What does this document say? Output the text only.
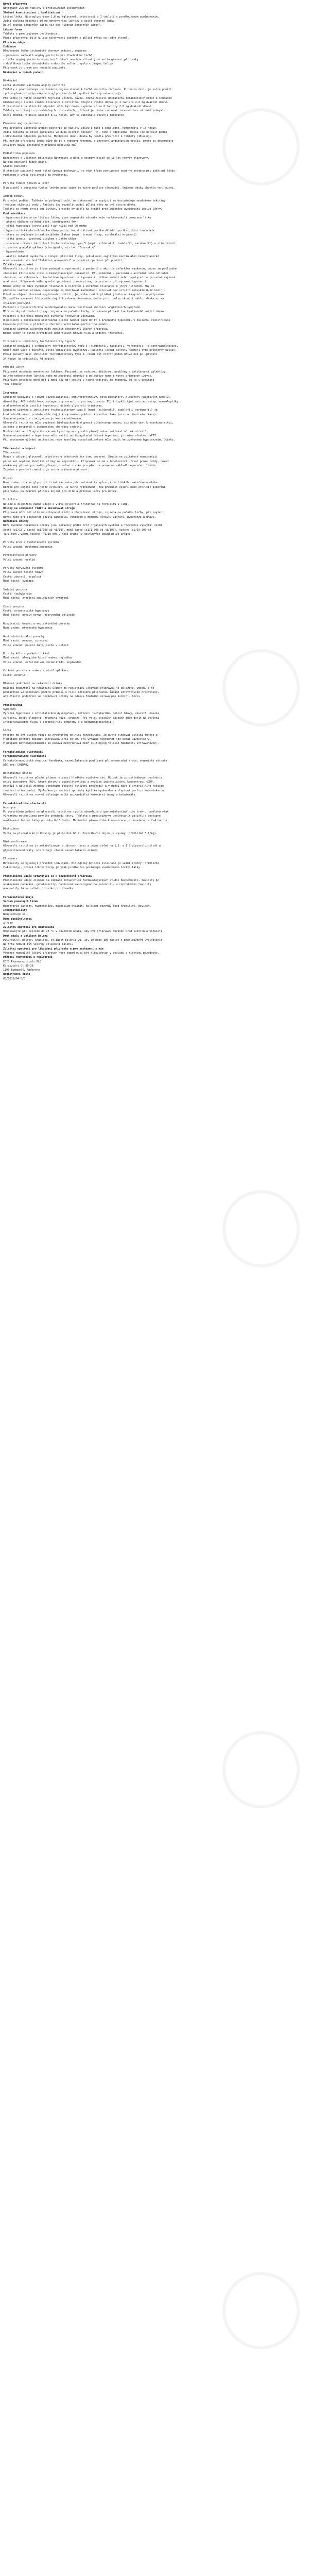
Návod přípravku
Nitromint 2,6 mg tablety s prodlouženým uvolňováním
Složení kvantitativní i kvalitativní
Léčivá látka: Nitroglycerinum 2,6 mg (glyceroli trinitras) v 1 tabletě s prodlouženým uvolňováním.
Jedna tableta obsahuje 80 mg monohydrátu laktózy a další pomocné látky.
Úplný seznam pomocných látek viz bod "Seznam pomocných látek".
Léková forma
Tablety s prodlouženým uvolňováním.
Popis přípravku: bílé kulaté bikonvexní tablety s půlicí rýhou na jedné straně.
Klinické údaje
Indikace
Dlouhodobá léčba ischemické choroby srdeční, zejména:
- prevence záchvatů anginy pectoris při dlouhodobé léčbě
- léčba anginy pectoris u pacientů, kteří nemohou užívat jiné antianginózní přípravky
- doplňková léčba chronického srdečního selhání spolu s jinými léčivy
Přípravek je určen pro dospělé pacienty.
Dávkování a způsob podání
Dávkování
Léčba akutního záchvatu anginy pectoris
Tablety s prodlouženým uvolňováním nejsou vhodné k léčbě akutního záchvatu. K tomuto účelu je nutné použít
rychle působící přípravky nitroglycerinu (sublinguální tablety nebo sprej).
Pro léčbu je nutné stanovit nejnižší účinnou dávku, která zajistí dostatečný terapeutický efekt a současně
minimalizuje riziko vzniku tolerance k nitrátům. Obvyklá úvodní dávka je 1 tableta 2,6 mg dvakrát denně.
V závislosti na klinické odpovědi může být dávka zvýšena až na 2 tablety 2,6 mg dvakrát denně.
Tablety se užívají v pravidelných intervalech, přičemž je třeba zachovat interval bez nitrátů (obvykle
noční období) v délce alespoň 8-12 hodin, aby se zabránilo rozvoji tolerance.
Prevence anginy pectoris
Pro prevenci záchvatů anginy pectoris se tablety užívají ráno a odpoledne, nejpozději v 16 hodin.
Jedna tableta se užívá zpravidla ve dvou dílčích dávkách, tj. ráno a odpoledne. Dávku lze upravit podle
individuální odpovědi pacienta. Maximální denní dávka by neměla překročit 4 tablety (10,4 mg).
Při náhlém přerušení léčby může dojít k rebound fenoménu a zhoršení anginózních obtíží, proto se doporučuje
snižovat dávku postupně v průběhu několika dnů.
Pediatrická populace
Bezpečnost a účinnost přípravku Nitromint u dětí a dospívajících do 18 let nebyly stanoveny.
Nejsou dostupné žádné údaje.
Starší pacienti
U starších pacientů není nutná úprava dávkování, je však třeba postupovat opatrně zejména při zahájení léčby
vzhledem k vyšší citlivosti na hypotenzi.
Porucha funkce ledvin a jater
U pacientů s poruchou funkce ledvin nebo jater je nutné pečlivé sledování. Snížení dávky obvykle není nutné.
Způsob podání
Perorální podání. Tablety se polykají celé, nerozkousané, a zapíjejí se dostatečným množstvím tekutiny
(nejlépe sklenicí vody). Tablety lze rozdělit podél půlicí rýhy na dvě stejné dávky.
Tablety se nesmí drtit ani žvýkat, protože by došlo ke ztrátě prodlouženého uvolňování léčivé látky.
Kontraindikace
- hypersenzitivita na léčivou látku, jiné organické nitráty nebo na kteroukoli pomocnou látku
- akutní oběhové selhání (šok, kardiogenní šok)
- těžká hypotenze (systolický tlak nižší než 90 mmHg)
- hypertrofická obstrukční kardiomyopatie, konstriktivní perikarditida, perikardiální tamponáda
- stavy se zvýšeným intrakraniálním tlakem (např. trauma hlavy, cerebrální krvácení)
- těžká anémie, uzavřený glaukom s úzkým úhlem
- současné užívání inhibitorů fosfodiesterázy typu 5 (např. sildenafil, tadalafil, vardenafil) a stimulátorů
rozpustné guanylátcyklázy (riocigvát), viz bod "Interakce"
- hypovolémie
- akutní infarkt myokardu s nízkými plnicími tlaky, pokud není zajištěno kontinuální hemodynamické
monitorování, viz bod "Zvláštní upozornění" a zvláštní opatření při použití
Zvláštní upozornění
Glyceroli trinitras je třeba podávat s opatrností u pacientů s akutním infarktem myokardu, pouze za pečlivého
sledování klinického stavu a hemodynamických parametrů. Při podávání u pacientů s aortální nebo mitrální
stenózou, se sklonem k ortostatické hypotenzi, s hypoxémií, těžkou anémií nebo hypotyreózou je nutná zvýšená
opatrnost. Přípravek může vyvolat paradoxní zhoršení anginy pectoris při výrazné hypotenzi.
Během léčby se může vyvinout tolerance k nitrátům a zkřížená tolerance k jiným nitrátům. Aby se
předešlo snížení účinku, doporučuje se dodržovat každodenní interval bez nitrátů (obvykle 8-12 hodin).
Pokud se objeví zhoršení anginózních obtíží, je třeba zvážit přidání jiného antianginózního přípravku.
Při náhlém vysazení léčby může dojít k rebound fenoménu. Léčbu proto nelze ukončit náhle, dávka se má
snižovat postupně.
Pacienti s hypertrofickou kardiomyopatií mohou pociťovat zhoršení anginózních symptomů.
Může se objevit bolest hlavy, zejména na počátku léčby; v takovém případě lze krátkodobě snížit dávku.
Pacienti s migrénou mohou mít zvýšenou frekvenci záchvatů.
U pacientů s chronickou obstrukční plicní nemocí může dojít k přechodné hypoxémii v důsledku redistribuce
krevního průtoku v plicích a zhoršení ventilačně-perfuzního poměru.
Současné užívání alkoholu může zesílit hypotenzní účinek přípravku.
Během léčby je nutné pravidelně kontrolovat krevní tlak a srdeční frekvenci.
Interakce s inhibitory fosfodiesterázy typu 5
Současné podávání s inhibitory fosfodiesterázy typu 5 (sildenafil, tadalafil, vardenafil) je kontraindikováno,
neboť může vést k závažné, život ohrožující hypotenzi. Pacienti léčení nitráty nesmějí tyto přípravky užívat.
Pokud pacient užil inhibitor fosfodiesterázy typu 5, nesmí být nitrát podán dříve než po uplynutí
24 hodin (u tadalafilu 48 hodin).
Pomocné látky
Přípravek obsahuje monohydrát laktózy. Pacienti se vzácnými dědičnými problémy s intolerancí galaktózy,
úplným nedostatkem laktázy nebo malabsorpcí glukózy a galaktózy nemají tento přípravek užívat.
Přípravek obsahuje méně než 1 mmol (23 mg) sodíku v jedné tabletě, to znamená, že je v podstatě
"bez sodíku".
Interakce
Současné podávání s jinými vazodilatancii, antihypertenzivy, beta-blokátory, blokátory kalciových kanálů,
diuretiky, ACE inhibitory, antagonisty receptoru pro angiotenzin II, tricyklickými antidepresivy, neuroleptiky
a alkoholem může zesílit hypotenzní účinek glyceroli trinitras.
Současné užívání s inhibitory fosfodiesterázy typu 5 (např. sildenafil, tadalafil, vardenafil) je
kontraindikováno, protože může dojít k výraznému poklesu krevního tlaku (viz bod Kontraindikace).
Současné podání s riocigvátem je kontraindikováno.
Glyceroli trinitras může zvyšovat biologickou dostupnost dihydroergotaminu, což může vést k vazokonstrikci,
zejména u pacientů s ischemickou chorobou srdeční.
Nesteroidní antiflogistika (kromě kyseliny acetylsalicylové) mohou snižovat účinek nitrátů.
Současné podávání s heparinem může snížit antikoagulační účinek heparinu; je nutné sledovat aPTT.
Při současném užívání amifostinu nebo kyseliny acetylsalicylové může dojít ke zvýšenému hypotenznímu účinku.
Těhotenství a kojení
Těhotenství
Údaje o užívání glyceroli trinitras u těhotných žen jsou omezené. Studie na zvířatech nenaznačují
přímé ani nepřímé škodlivé účinky na reprodukci. Přípravek se má v těhotenství užívat pouze tehdy, pokud
očekávaný přínos pro matku převyšuje možné riziko pro plod, a pouze na základě doporučení lékaře.
Zejména v prvním trimestru je nutná zvýšená opatrnost.
Kojení
Není známo, zda se glyceroli trinitras nebo jeho metabolity vylučují do lidského mateřského mléka.
Riziko pro kojené dítě nelze vyloučit. Je nutno rozhodnout, zda přerušit kojení nebo přerušit podávání
přípravku, po zvážení přínosu kojení pro dítě a přínosu léčby pro matku.
Fertilita
Nejsou k dispozici žádné údaje o vlivu glyceroli trinitras na fertilitu u lidí.
Účinky na schopnost řídit a obsluhovat stroje
Přípravek může mít vliv na schopnost řídit a obsluhovat stroje, zejména na počátku léčby, při zvýšení
dávky nebo při současném požití alkoholu, vzhledem k možnému výskytu závratí, hypotenze a únavy.
Nežádoucí účinky
Níže uvedené nežádoucí účinky jsou seřazeny podle tříd orgánových systémů a frekvence výskytu: velmi
časté (≥1/10), časté (≥1/100 až <1/10), méně časté (≥1/1 000 až <1/100), vzácné (≥1/10 000 až
<1/1 000), velmi vzácné (<1/10 000), není známo (z dostupných údajů nelze určit).
Poruchy krve a lymfatického systému
Velmi vzácné: methemoglobinémie
Psychiatrické poruchy
Velmi vzácné: neklid
Poruchy nervového systému
Velmi časté: bolest hlavy
Časté: závratě, ospalost
Méně časté: synkopa
Srdeční poruchy
Časté: tachykardie
Méně časté: zhoršení anginózních symptomů
Cévní poruchy
Časté: ortostatická hypotenze
Méně časté: návaly horka, zčervenání obličeje
Respirační, hrudní a mediastinální poruchy
Není známo: přechodná hypoxémie
Gastrointestinální poruchy
Méně časté: nauzea, zvracení
Velmi vzácné: pálení žáhy, sucho v ústech
Poruchy kůže a podkožní tkáně
Méně časté: alergické kožní reakce, vyrážka
Velmi vzácné: exfoliativní dermatitida, angioedém
Celkové poruchy a reakce v místě aplikace
Časté: astenie
Hlášení podezření na nežádoucí účinky
Hlášení podezření na nežádoucí účinky po registraci léčivého přípravku je důležité. Umožňuje to
pokračovat ve sledování poměru přínosů a rizik léčivého přípravku. Žádáme zdravotnické pracovníky,
aby hlásili podezření na nežádoucí účinky na adresu Státního ústavu pro kontrolu léčiv.
Předávkování
Symptomy
Výrazná hypotenze s ortostatickou dysregulací, reflexní tachykardie, bolest hlavy, závratě, nauzea,
zvracení, pocit slabosti, zrudnutí kůže, cyanóza. Při velmi vysokých dávkách může dojít ke zvýšení
intrakraniálního tlaku s cerebrálními symptomy a k methemoglobinémii.
Léčba
Pacient má být uložen vleže se zvednutými dolními končetinami. Je nutné sledovat vitální funkce a
v případě potřeby doplnit intravaskulární objem. Při výrazné hypotenzi lze podat vazopresory.
V případě methemoglobinémie se podává methylenová modř (1-2 mg/kg tělesné hmotnosti intravenózně).
Farmakologické vlastnosti
Farmakodynamické vlastnosti
Farmakoterapeutická skupina: kardiaka, vazodilatancia používaná při onemocnění srdce, organické nitráty
ATC kód: C01DA02
Mechanismus účinku
Glyceroli trinitras působí přímou relaxací hladkého svalstva cév. Účinek je zprostředkován uvolněním
oxidu dusnatého (NO), který aktivuje guanylátcyklázu a zvyšuje intracelulární koncentraci cGMP.
Dochází k dilataci zejména venózního řečiště (snížení preloadu) a v menší míře i arteriálního řečiště
(snížení afterloadu). Výsledkem je snížení spotřeby kyslíku myokardem a zlepšení perfuze subendokardu.
Glyceroli trinitras rovněž dilatuje velké epikardiální koronární tepny a kolaterály.
Farmakokinetické vlastnosti
Absorpce
Po perorálním podání se glyceroli trinitras rychle absorbuje z gastrointestinálního traktu, podléhá však
výraznému metabolismu prvního průchodu játry. Tableta s prodlouženým uvolňováním zajišťuje postupné
uvolňování léčivé látky po dobu 8-10 hodin. Maximální plazmatické koncentrace je dosaženo za 2-4 hodiny.
Distribuce
Vazba na plazmatické bílkoviny je přibližně 60 %. Distribuční objem je vysoký (přibližně 3 l/kg).
Biotransformace
Glyceroli trinitras je metabolizován v játrech, krvi a cévní stěně na 1,2- a 1,3-glyceroldinitrát a
glycerolmononitráty, které mají slabší vazodilatační účinek.
Eliminace
Metabolity se vylučují převážně ledvinami. Biologický poločas eliminace je velmi krátký (přibližně
2-4 minuty), účinek lékové formy je však prodloužen postupným uvolňováním léčivé látky.
Předklinické údaje vztahující se k bezpečnosti přípravku
Předklinické údaje získané na základě konvenčních farmakologických studií bezpečnosti, toxicity po
opakovaném podávání, genotoxicity, hodnocení kancerogenního potenciálu a reprodukční toxicity
neodhalily žádné zvláštní riziko pro člověka.
Farmaceutické údaje
Seznam pomocných látek
Monohydrát laktózy, hypromelóza, magnesium-stearát, koloidní bezvodý oxid křemičitý, povidon.
Inkompatibility
Neuplatňuje se.
Doba použitelnosti
3 roky
Zvláštní opatření pro uchovávání
Uchovávejte při teplotě do 25 °C v původním obalu, aby byl přípravek chráněn před světlem a vlhkostí.
Druh obalu a velikost balení
PVC/PVDC/Al blistr, krabička. Velikost balení: 20, 30, 50 nebo 100 tablet s prodlouženým uvolňováním.
Na trhu nemusí být všechny velikosti balení.
Zvláštní opatření pro likvidaci přípravku a pro zacházení s ním
Všechen nepoužitý léčivý přípravek nebo odpad musí být zlikvidován v souladu s místními požadavky.
Držitel rozhodnutí o registraci
EGIS Pharmaceuticals PLC
Keresztúri út 30-38
1106 Budapešť, Maďarsko
Registrační číslo
83/1018/94-B/C
